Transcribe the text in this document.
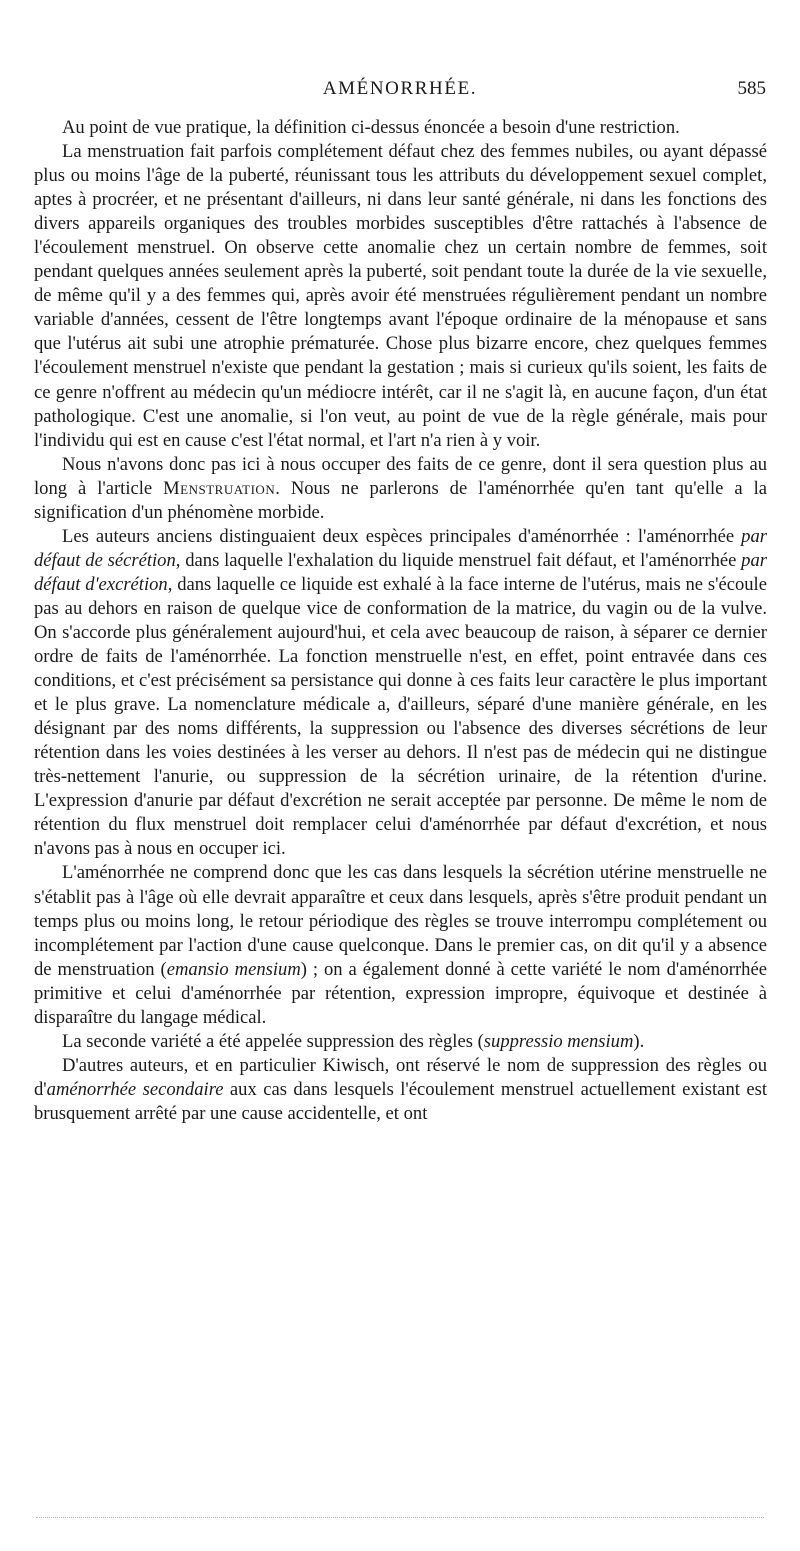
AMÉNORRHÉE.	585

Au point de vue pratique, la définition ci-dessus énoncée a besoin d'une restriction.

La menstruation fait parfois complétement défaut chez des femmes nubiles, ou ayant dépassé plus ou moins l'âge de la puberté, réunissant tous les attributs du développement sexuel complet, aptes à procréer, et ne présentant d'ailleurs, ni dans leur santé générale, ni dans les fonctions des divers appareils organiques des troubles morbides susceptibles d'être rattachés à l'absence de l'écoulement menstruel. On observe cette anomalie chez un certain nombre de femmes, soit pendant quelques années seulement après la puberté, soit pendant toute la durée de la vie sexuelle, de même qu'il y a des femmes qui, après avoir été menstruées régulièrement pendant un nombre variable d'années, cessent de l'être longtemps avant l'époque ordinaire de la ménopause et sans que l'utérus ait subi une atrophie prématurée. Chose plus bizarre encore, chez quelques femmes l'écoulement menstruel n'existe que pendant la gestation ; mais si curieux qu'ils soient, les faits de ce genre n'offrent au médecin qu'un médiocre intérêt, car il ne s'agit là, en aucune façon, d'un état pathologique. C'est une anomalie, si l'on veut, au point de vue de la règle générale, mais pour l'individu qui est en cause c'est l'état normal, et l'art n'a rien à y voir.

Nous n'avons donc pas ici à nous occuper des faits de ce genre, dont il sera question plus au long à l'article Menstruation. Nous ne parlerons de l'aménorrhée qu'en tant qu'elle a la signification d'un phénomène morbide.

Les auteurs anciens distinguaient deux espèces principales d'aménorrhée : l'aménorrhée par défaut de sécrétion, dans laquelle l'exhalation du liquide menstruel fait défaut, et l'aménorrhée par défaut d'excrétion, dans laquelle ce liquide est exhalé à la face interne de l'utérus, mais ne s'écoule pas au dehors en raison de quelque vice de conformation de la matrice, du vagin ou de la vulve. On s'accorde plus généralement aujourd'hui, et cela avec beaucoup de raison, à séparer ce dernier ordre de faits de l'aménorrhée. La fonction menstruelle n'est, en effet, point entravée dans ces conditions, et c'est précisément sa persistance qui donne à ces faits leur caractère le plus important et le plus grave. La nomenclature médicale a, d'ailleurs, séparé d'une manière générale, en les désignant par des noms différents, la suppression ou l'absence des diverses sécrétions de leur rétention dans les voies destinées à les verser au dehors. Il n'est pas de médecin qui ne distingue très-nettement l'anurie, ou suppression de la sécrétion urinaire, de la rétention d'urine. L'expression d'anurie par défaut d'excrétion ne serait acceptée par personne. De même le nom de rétention du flux menstruel doit remplacer celui d'aménorrhée par défaut d'excrétion, et nous n'avons pas à nous en occuper ici.

L'aménorrhée ne comprend donc que les cas dans lesquels la sécrétion utérine menstruelle ne s'établit pas à l'âge où elle devrait apparaître et ceux dans lesquels, après s'être produit pendant un temps plus ou moins long, le retour périodique des règles se trouve interrompu complétement ou incomplétement par l'action d'une cause quelconque. Dans le premier cas, on dit qu'il y a absence de menstruation (emansio mensium) ; on a également donné à cette variété le nom d'aménorrhée primitive et celui d'aménorrhée par rétention, expression impropre, équivoque et destinée à disparaître du langage médical.

La seconde variété a été appelée suppression des règles (suppressio mensium).

D'autres auteurs, et en particulier Kiwisch, ont réservé le nom de suppression des règles ou d'aménorrhée secondaire aux cas dans lesquels l'écoulement menstruel actuellement existant est brusquement arrêté par une cause accidentelle, et ont
